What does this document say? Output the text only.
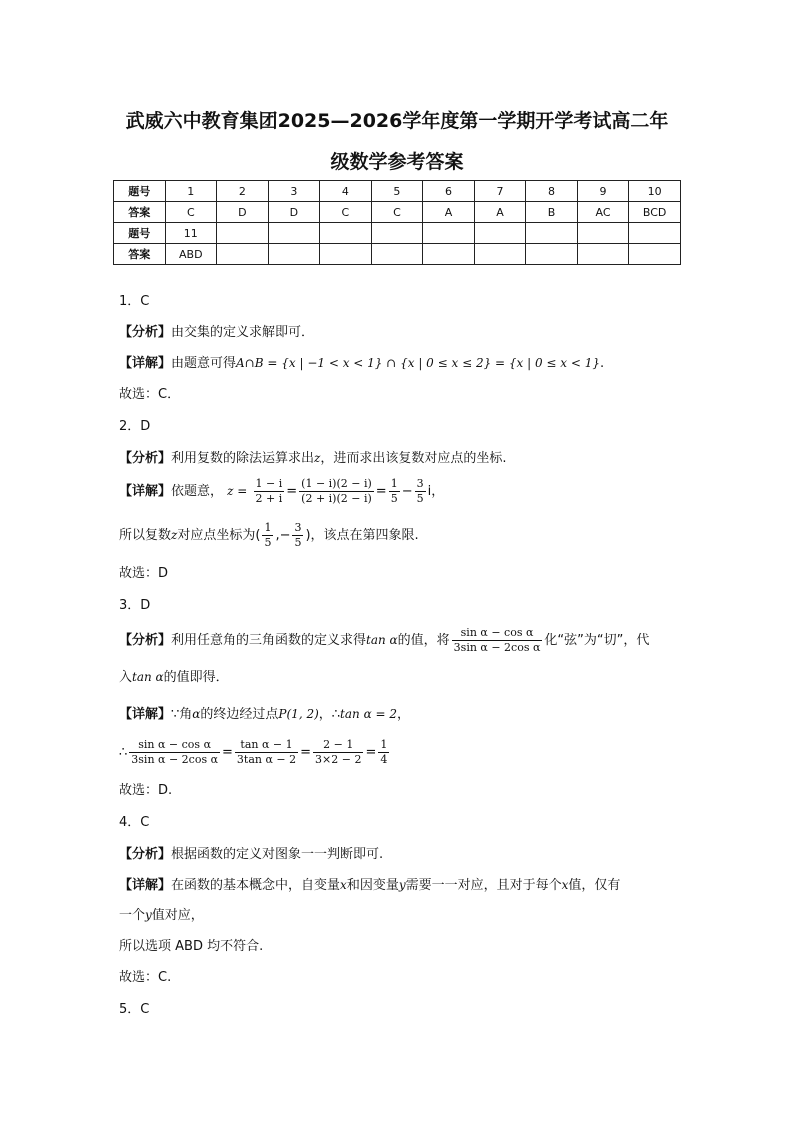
武威六中教育集团2025—2026学年度第一学期开学考试高二年
级数学参考答案
题号	1	2	3	4	5	6	7	8	9	10
答案	C	D	D	C	C	A	A	B	AC	BCD
题号	11									
答案	ABD									
1．C
【分析】由交集的定义求解即可．
【详解】由题意可得A∩B = {x | −1 < x < 1} ∩ {x | 0 ≤ x ≤ 2} = {x | 0 ≤ x < 1}.
故选：C．
2．D
【分析】利用复数的除法运算求出z，进而求出该复数对应点的坐标.
【详解】依题意， $z = \frac{1 - i}{2 + i} = \frac{(1 - i)(2 - i)}{(2 + i)(2 - i)} = \frac{1}{5} - \frac{3}{5}$ i，
所以复数z对应点坐标为( $\frac{1}{5}$ ,− $\frac{3}{5}$ )，该点在第四象限.
故选：D
3．D
【分析】利用任意角的三角函数的定义求得tan α的值，将 $\frac{\text{sin α − cos α}}{\text{3sin α − 2cos α}}$ 化“弦”为“切”，代
入tan α的值即得．
【详解】∵角α的终边经过点P(1, 2)，∴tan α = 2，
∴ $\frac{\text{sin α − cos α}}{\text{3sin α − 2cos α}} = \frac{\text{tan α − 1}}{\text{3tan α − 2}} = \frac{2 - 1}{3\times 2 - 2} = \frac{1}{4}$
故选：D.
4．C
【分析】根据函数的定义对图象一一判断即可.
【详解】在函数的基本概念中，自变量x和因变量y需要一一对应，且对于每个x值，仅有
一个y值对应，
所以选项 ABD 均不符合.
故选：C.
5．C
